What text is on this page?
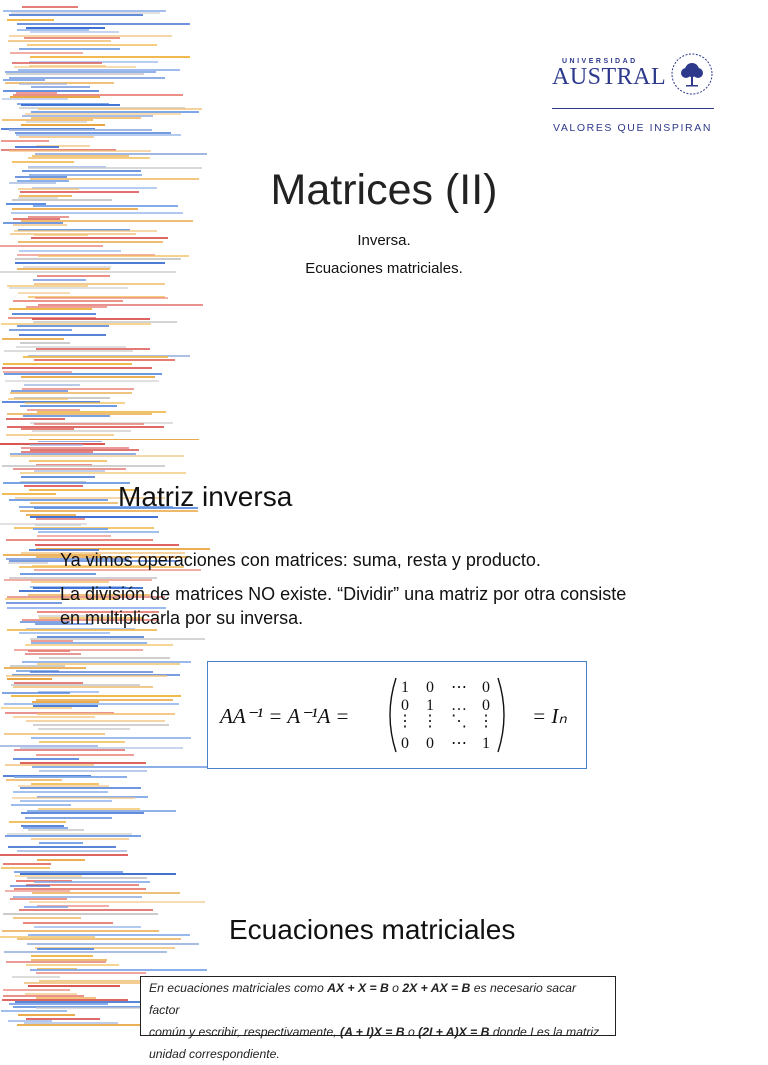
UNIVERSIDAD
AUSTRAL
VALORES QUE INSPIRAN
Matrices (II)
Inversa.
Ecuaciones matriciales.
Matriz inversa
Ya vimos operaciones con matrices: suma, resta y producto.
La división de matrices NO existe. “Dividir” una matriz por otra consiste
en multiplicarla por su inversa.
AA⁻¹ = A⁻¹A =
1 0 ⋯ 0
0 1 … 0
⋮ ⋮ ⋱ ⋮
0 0 ⋯ 1
= Iₙ
Ecuaciones matriciales
En ecuaciones matriciales como AX + X = B o 2X + AX = B es necesario sacar factor
común y escribir, respectivamente, (A + I)X = B o (2I + A)X = B donde I es la matriz
unidad correspondiente.
